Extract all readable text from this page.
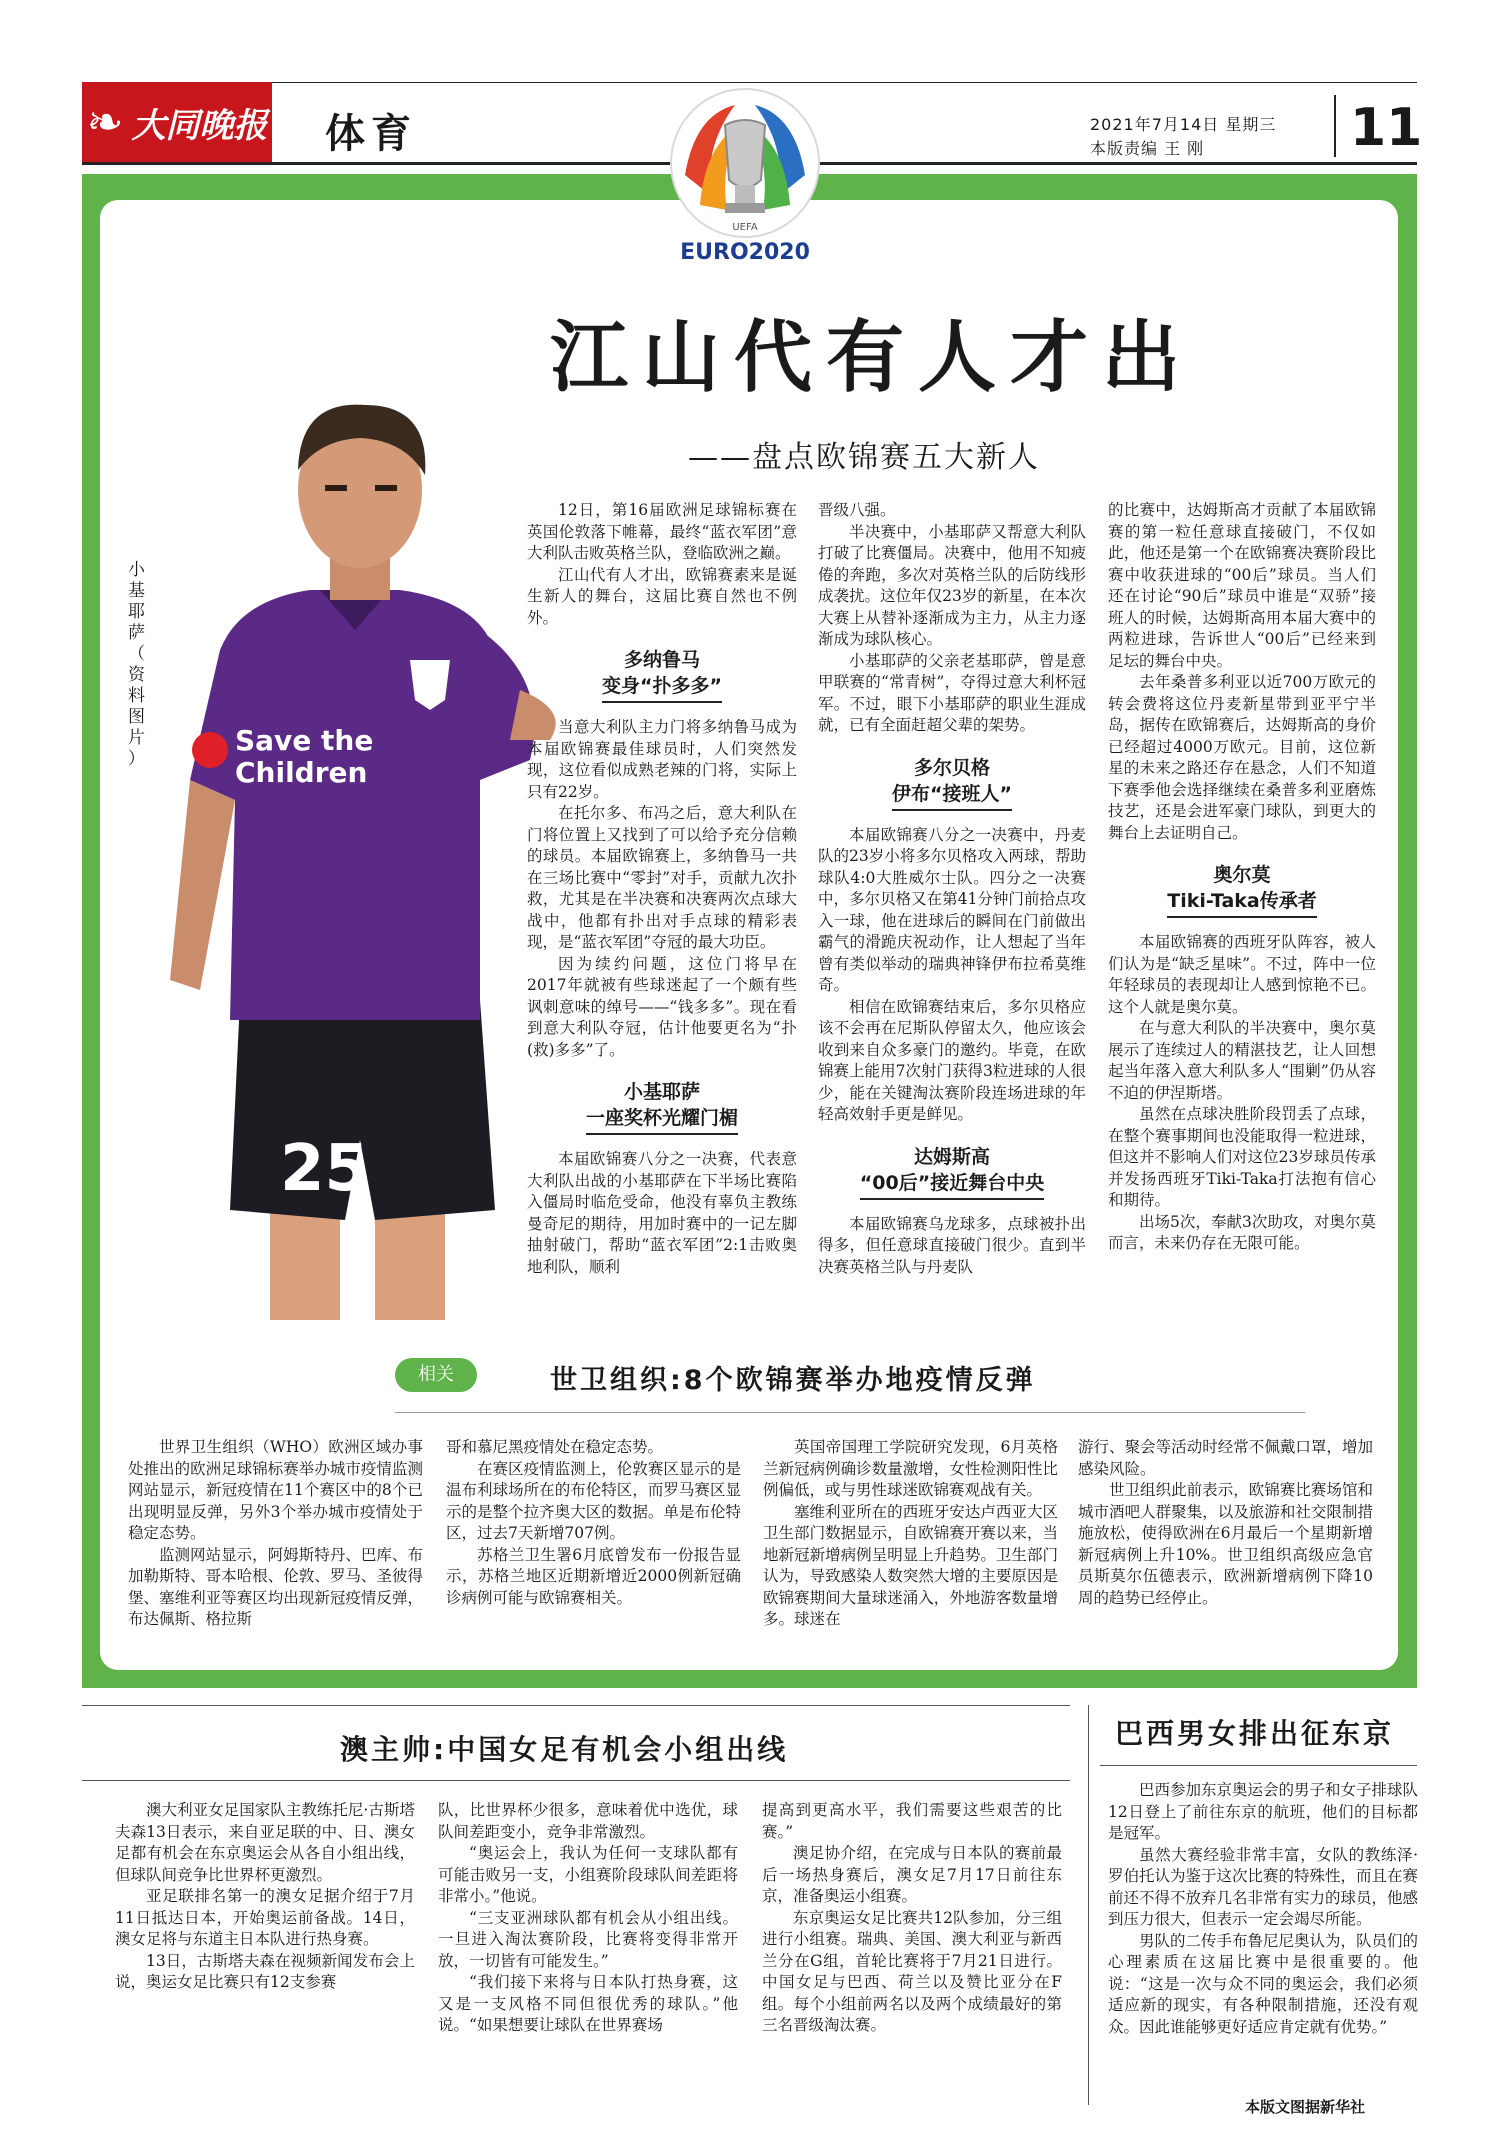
❧ 大同晚报 体育	2021年7月14日 星期三
本版责编 王 刚	11
UEFA
EURO2020
江山代有人才出
——盘点欧锦赛五大新人
25
Save the
Children
小基耶萨（资料图片）

12日，第16届欧洲足球锦标赛在英国伦敦落下帷幕，最终“蓝衣军团”意大利队击败英格兰队，登临欧洲之巅。

江山代有人才出，欧锦赛素来是诞生新人的舞台，这届比赛自然也不例外。

多纳鲁马
变身“扑多多”

当意大利队主力门将多纳鲁马成为本届欧锦赛最佳球员时，人们突然发现，这位看似成熟老辣的门将，实际上只有22岁。

在托尔多、布冯之后，意大利队在门将位置上又找到了可以给予充分信赖的球员。本届欧锦赛上，多纳鲁马一共在三场比赛中“零封”对手，贡献九次扑救，尤其是在半决赛和决赛两次点球大战中，他都有扑出对手点球的精彩表现，是“蓝衣军团”夺冠的最大功臣。

因为续约问题，这位门将早在2017年就被有些球迷起了一个颇有些讽刺意味的绰号——“钱多多”。现在看到意大利队夺冠，估计他要更名为“扑(救)多多”了。

小基耶萨
一座奖杯光耀门楣

本届欧锦赛八分之一决赛，代表意大利队出战的小基耶萨在下半场比赛陷入僵局时临危受命，他没有辜负主教练曼奇尼的期待，用加时赛中的一记左脚抽射破门，帮助“蓝衣军团”2:1击败奥地利队，顺利

晋级八强。

半决赛中，小基耶萨又帮意大利队打破了比赛僵局。决赛中，他用不知疲倦的奔跑，多次对英格兰队的后防线形成袭扰。这位年仅23岁的新星，在本次大赛上从替补逐渐成为主力，从主力逐渐成为球队核心。

小基耶萨的父亲老基耶萨，曾是意甲联赛的“常青树”，夺得过意大利杯冠军。不过，眼下小基耶萨的职业生涯成就，已有全面赶超父辈的架势。

多尔贝格
伊布“接班人”

本届欧锦赛八分之一决赛中，丹麦队的23岁小将多尔贝格攻入两球，帮助球队4:0大胜威尔士队。四分之一决赛中，多尔贝格又在第41分钟门前拾点攻入一球，他在进球后的瞬间在门前做出霸气的滑跪庆祝动作，让人想起了当年曾有类似举动的瑞典神锋伊布拉希莫维奇。

相信在欧锦赛结束后，多尔贝格应该不会再在尼斯队停留太久，他应该会收到来自众多豪门的邀约。毕竟，在欧锦赛上能用7次射门获得3粒进球的人很少，能在关键淘汰赛阶段连场进球的年轻高效射手更是鲜见。

达姆斯高
“00后”接近舞台中央

本届欧锦赛乌龙球多，点球被扑出得多，但任意球直接破门很少。直到半决赛英格兰队与丹麦队

的比赛中，达姆斯高才贡献了本届欧锦赛的第一粒任意球直接破门，不仅如此，他还是第一个在欧锦赛决赛阶段比赛中收获进球的“00后”球员。当人们还在讨论“90后”球员中谁是“双骄”接班人的时候，达姆斯高用本届大赛中的两粒进球，告诉世人“00后”已经来到足坛的舞台中央。

去年桑普多利亚以近700万欧元的转会费将这位丹麦新星带到亚平宁半岛，据传在欧锦赛后，达姆斯高的身价已经超过4000万欧元。目前，这位新星的未来之路还存在悬念，人们不知道下赛季他会选择继续在桑普多利亚磨炼技艺，还是会进军豪门球队，到更大的舞台上去证明自己。

奥尔莫
Tiki-Taka传承者

本届欧锦赛的西班牙队阵容，被人们认为是“缺乏星味”。不过，阵中一位年轻球员的表现却让人感到惊艳不已。这个人就是奥尔莫。

在与意大利队的半决赛中，奥尔莫展示了连续过人的精湛技艺，让人回想起当年落入意大利队多人“围剿”仍从容不迫的伊涅斯塔。

虽然在点球决胜阶段罚丢了点球，在整个赛事期间也没能取得一粒进球，但这并不影响人们对这位23岁球员传承并发扬西班牙Tiki-Taka打法抱有信心和期待。

出场5次，奉献3次助攻，对奥尔莫而言，未来仍存在无限可能。

相关	世卫组织:8个欧锦赛举办地疫情反弹

世界卫生组织（WHO）欧洲区域办事处推出的欧洲足球锦标赛举办城市疫情监测网站显示，新冠疫情在11个赛区中的8个已出现明显反弹，另外3个举办城市疫情处于稳定态势。

监测网站显示，阿姆斯特丹、巴库、布加勒斯特、哥本哈根、伦敦、罗马、圣彼得堡、塞维利亚等赛区均出现新冠疫情反弹，布达佩斯、格拉斯

哥和慕尼黑疫情处在稳定态势。

在赛区疫情监测上，伦敦赛区显示的是温布利球场所在的布伦特区，而罗马赛区显示的是整个拉齐奥大区的数据。单是布伦特区，过去7天新增707例。

苏格兰卫生署6月底曾发布一份报告显示，苏格兰地区近期新增近2000例新冠确诊病例可能与欧锦赛相关。

英国帝国理工学院研究发现，6月英格兰新冠病例确诊数量激增，女性检测阳性比例偏低，或与男性球迷欧锦赛观战有关。

塞维利亚所在的西班牙安达卢西亚大区卫生部门数据显示，自欧锦赛开赛以来，当地新冠新增病例呈明显上升趋势。卫生部门认为，导致感染人数突然大增的主要原因是欧锦赛期间大量球迷涌入，外地游客数量增多。球迷在

游行、聚会等活动时经常不佩戴口罩，增加感染风险。

世卫组织此前表示，欧锦赛比赛场馆和城市酒吧人群聚集，以及旅游和社交限制措施放松，使得欧洲在6月最后一个星期新增新冠病例上升10%。世卫组织高级应急官员斯莫尔伍德表示，欧洲新增病例下降10周的趋势已经停止。

澳主帅:中国女足有机会小组出线

澳大利亚女足国家队主教练托尼·古斯塔夫森13日表示，来自亚足联的中、日、澳女足都有机会在东京奥运会从各自小组出线，但球队间竞争比世界杯更激烈。

亚足联排名第一的澳女足据介绍于7月11日抵达日本，开始奥运前备战。14日，澳女足将与东道主日本队进行热身赛。

13日，古斯塔夫森在视频新闻发布会上说，奥运女足比赛只有12支参赛

队，比世界杯少很多，意味着优中选优，球队间差距变小，竞争非常激烈。

“奥运会上，我认为任何一支球队都有可能击败另一支，小组赛阶段球队间差距将非常小。”他说。

“三支亚洲球队都有机会从小组出线。一旦进入淘汰赛阶段，比赛将变得非常开放，一切皆有可能发生。”

“我们接下来将与日本队打热身赛，这又是一支风格不同但很优秀的球队。”他说。“如果想要让球队在世界赛场

提高到更高水平，我们需要这些艰苦的比赛。”

澳足协介绍，在完成与日本队的赛前最后一场热身赛后，澳女足7月17日前往东京，准备奥运小组赛。

东京奥运女足比赛共12队参加，分三组进行小组赛。瑞典、美国、澳大利亚与新西兰分在G组，首轮比赛将于7月21日进行。中国女足与巴西、荷兰以及赞比亚分在F组。每个小组前两名以及两个成绩最好的第三名晋级淘汰赛。

巴西男女排出征东京

巴西参加东京奥运会的男子和女子排球队12日登上了前往东京的航班，他们的目标都是冠军。

虽然大赛经验非常丰富，女队的教练泽·罗伯托认为鉴于这次比赛的特殊性，而且在赛前还不得不放弃几名非常有实力的球员，他感到压力很大，但表示一定会竭尽所能。

男队的二传手布鲁尼尼奥认为，队员们的心理素质在这届比赛中是很重要的。他说：“这是一次与众不同的奥运会，我们必须适应新的现实，有各种限制措施，还没有观众。因此谁能够更好适应肯定就有优势。”

本版文图据新华社
